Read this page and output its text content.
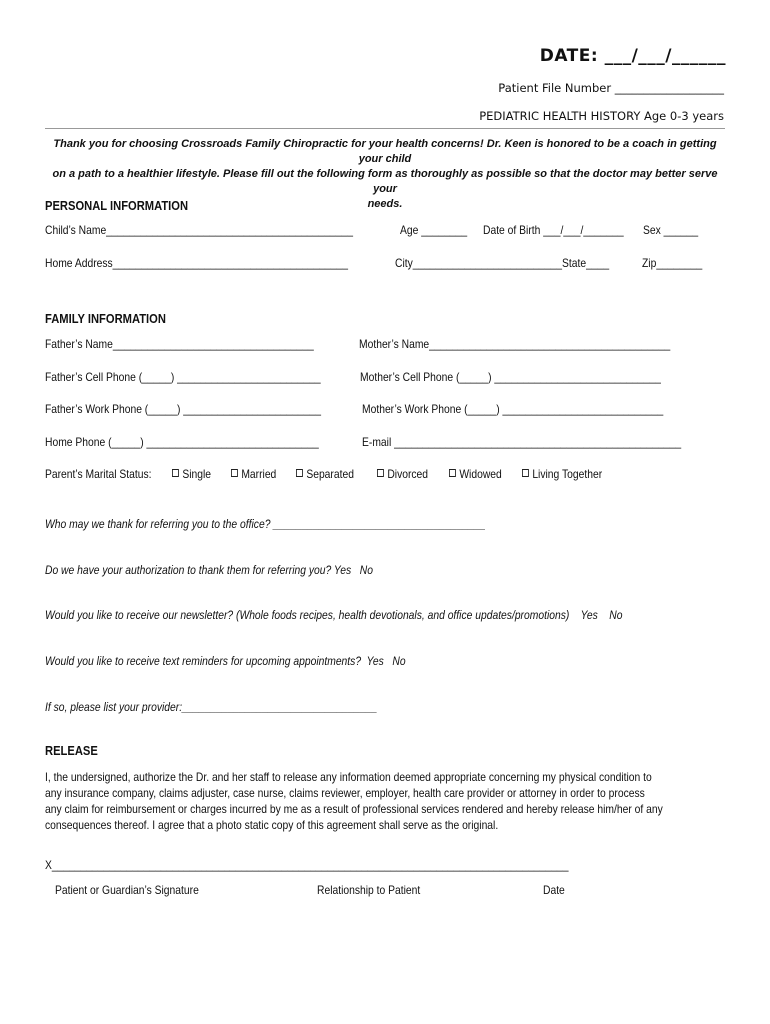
DATE: ___/___/______
Patient File Number ___________________
PEDIATRIC HEALTH HISTORY Age 0-3 years
Thank you for choosing Crossroads Family Chiropractic for your health concerns! Dr. Keen is honored to be a coach in getting your child
on a path to a healthier lifestyle. Please fill out the following form as thoroughly as possible so that the doctor may better serve your
needs.
PERSONAL INFORMATION
Child’s Name___________________________________________	Age ________ Date of Birth ___/___/_______ Sex ______
Home Address_________________________________________	City__________________________State____	Zip________
FAMILY INFORMATION
Father’s Name___________________________________	Mother’s Name__________________________________________
Father’s Cell Phone (_____) _________________________	Mother’s Cell Phone (_____) _____________________________
Father’s Work Phone (_____) ________________________	Mother’s Work Phone (_____) ____________________________
Home Phone (_____) ______________________________	E-mail __________________________________________________
Parent’s Marital Status:	Single	Married	Separated	Divorced	Widowed	Living Together
Who may we thank for referring you to the office? _____________________________________
Do we have your authorization to thank them for referring you? Yes   No
Would you like to receive our newsletter? (Whole foods recipes, health devotionals, and office updates/promotions)    Yes    No
Would you like to receive text reminders for upcoming appointments?  Yes   No
If so, please list your provider:__________________________________
RELEASE
I, the undersigned, authorize the Dr. and her staff to release any information deemed appropriate concerning my physical condition to
any insurance company, claims adjuster, case nurse, claims reviewer, employer, health care provider or attorney in order to process
any claim for reimbursement or charges incurred by me as a result of professional services rendered and hereby release him/her of any
consequences thereof. I agree that a photo static copy of this agreement shall serve as the original.
X__________________________________________________________________________________________
Patient or Guardian’s Signature	Relationship to Patient	Date
